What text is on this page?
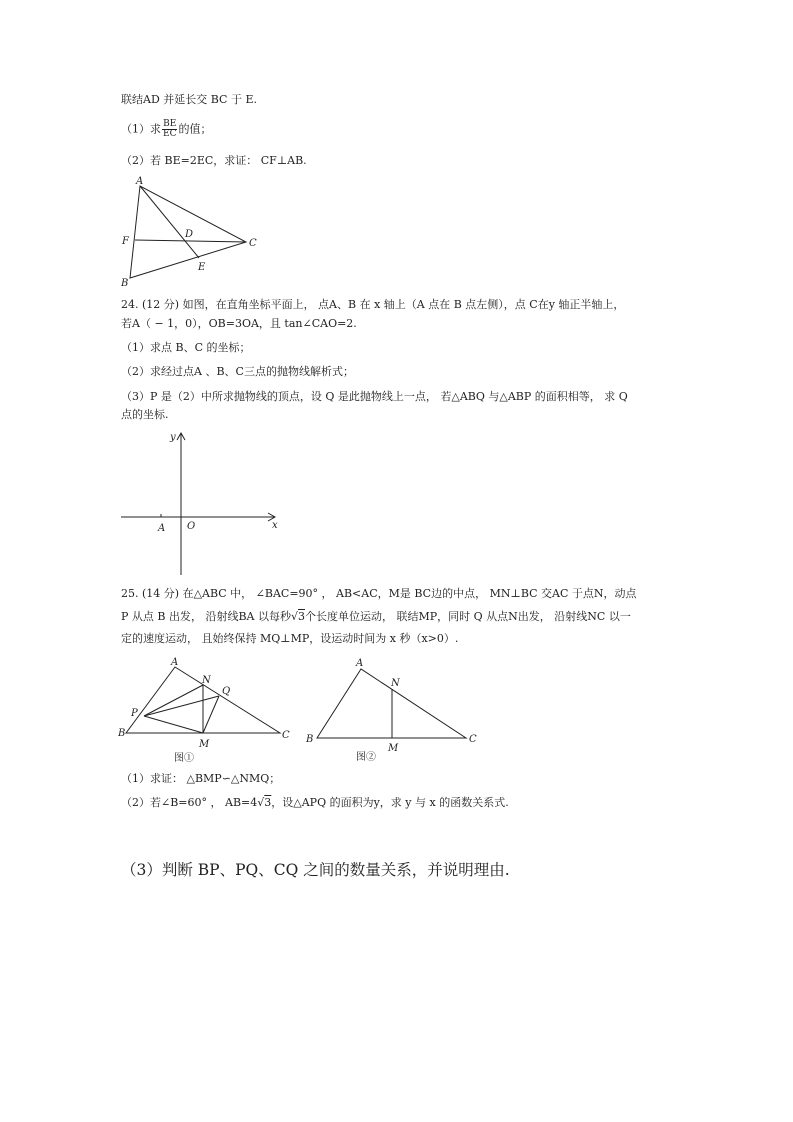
联结AD 并延长交 BC 于 E.
（1）求 $\frac{BE}{EC}$ 的值；
（2）若 BE=2EC，求证： CF⊥AB.
A
B
C
D
E
F
24. (12 分) 如图，在直角坐标平面上， 点A、B 在 x 轴上（A 点在 B 点左侧），点 C在y 轴正半轴上，
若A（ − 1，0），OB=3OA，且 tan∠CAO=2.
（1）求点 B、C 的坐标；
（2）求经过点A 、B、C三点的抛物线解析式；
（3）P 是（2）中所求抛物线的顶点，设 Q 是此抛物线上一点， 若△ABQ 与△ABP 的面积相等， 求 Q
点的坐标.
x
y
O
A
25. (14 分) 在△ABC 中， ∠BAC=90° ， AB<AC，M是 BC边的中点， MN⊥BC 交AC 于点N，动点
P 从点 B 出发， 沿射线BA 以每秒√3个长度单位运动， 联结MP，同时 Q 从点N出发， 沿射线NC 以一
定的速度运动， 且始终保持 MQ⊥MP，设运动时间为 x 秒（x>0）.
A
B	C
M
N
P
Q
图①
A
B	C
M
N
图②
（1）求证： △BMP∽△NMQ；
（2）若∠B=60° ， AB=4√3，设△APQ 的面积为y，求 y 与 x 的函数关系式.
（3）判断 BP、PQ、CQ 之间的数量关系，并说明理由.
